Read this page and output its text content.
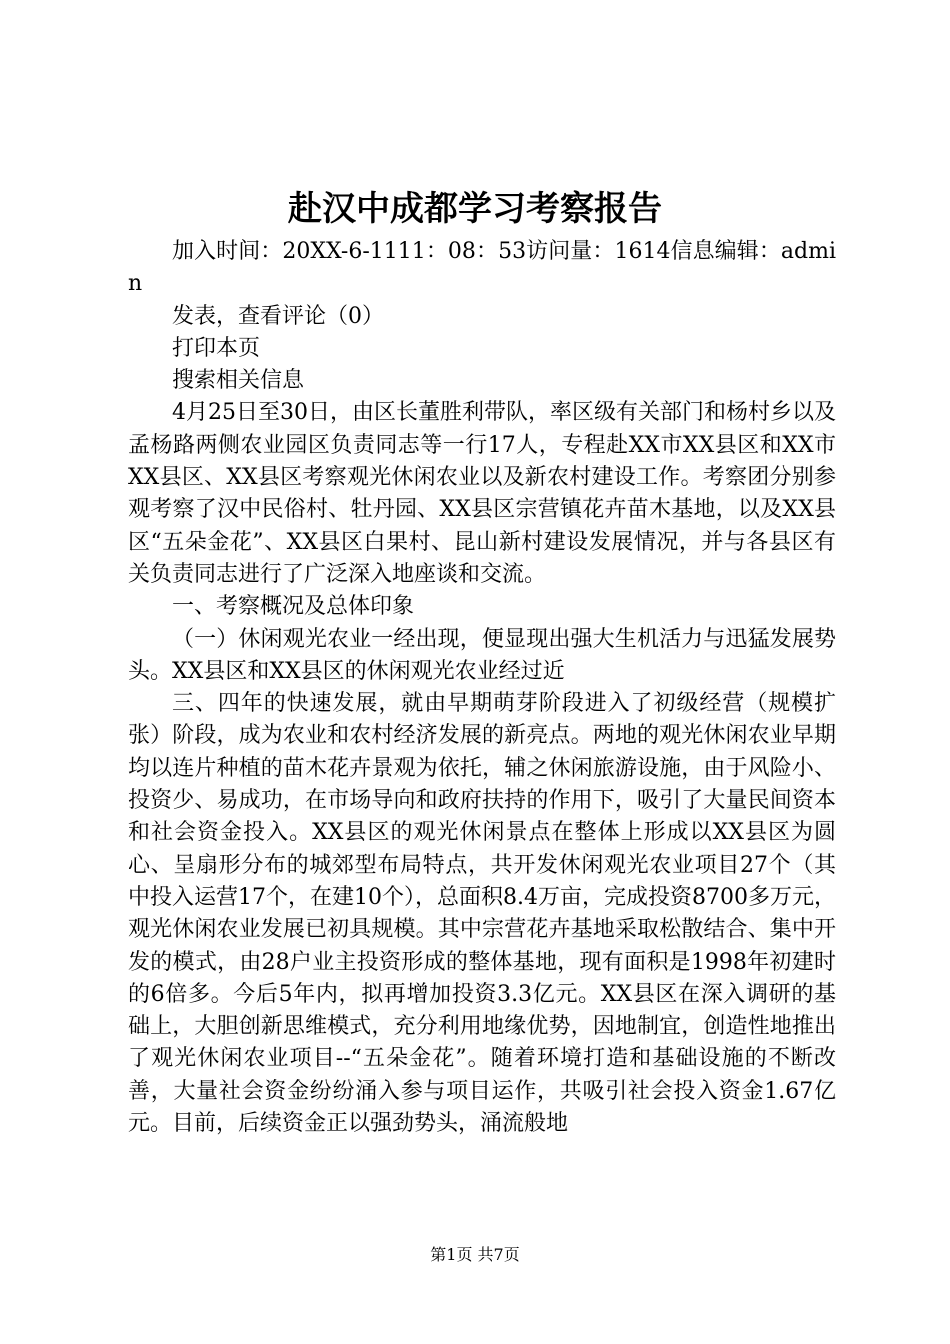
赴汉中成都学习考察报告

加入时间：20XX-6-1111：08：53访问量：1614信息编辑：admin

发表，查看评论（0）

打印本页

搜索相关信息

4月25日至30日，由区长董胜利带队，率区级有关部门和杨村乡以及孟杨路两侧农业园区负责同志等一行17人，专程赴XX市XX县区和XX市XX县区、XX县区考察观光休闲农业以及新农村建设工作。考察团分别参观考察了汉中民俗村、牡丹园、XX县区宗营镇花卉苗木基地，以及XX县区“五朵金花”、XX县区白果村、昆山新村建设发展情况，并与各县区有关负责同志进行了广泛深入地座谈和交流。

一、考察概况及总体印象

（一）休闲观光农业一经出现，便显现出强大生机活力与迅猛发展势头。XX县区和XX县区的休闲观光农业经过近

三、四年的快速发展，就由早期萌芽阶段进入了初级经营（规模扩张）阶段，成为农业和农村经济发展的新亮点。两地的观光休闲农业早期均以连片种植的苗木花卉景观为依托，辅之休闲旅游设施，由于风险小、投资少、易成功，在市场导向和政府扶持的作用下，吸引了大量民间资本和社会资金投入。XX县区的观光休闲景点在整体上形成以XX县区为圆心、呈扇形分布的城郊型布局特点，共开发休闲观光农业项目27个（其中投入运营17个，在建10个），总面积8.4万亩，完成投资8700多万元，观光休闲农业发展已初具规模。其中宗营花卉基地采取松散结合、集中开发的模式，由28户业主投资形成的整体基地，现有面积是1998年初建时的6倍多。今后5年内，拟再增加投资3.3亿元。XX县区在深入调研的基础上，大胆创新思维模式，充分利用地缘优势，因地制宜，创造性地推出了观光休闲农业项目--“五朵金花”。随着环境打造和基础设施的不断改善，大量社会资金纷纷涌入参与项目运作，共吸引社会投入资金1.67亿元。目前，后续资金正以强劲势头，涌流般地

第1页 共7页
